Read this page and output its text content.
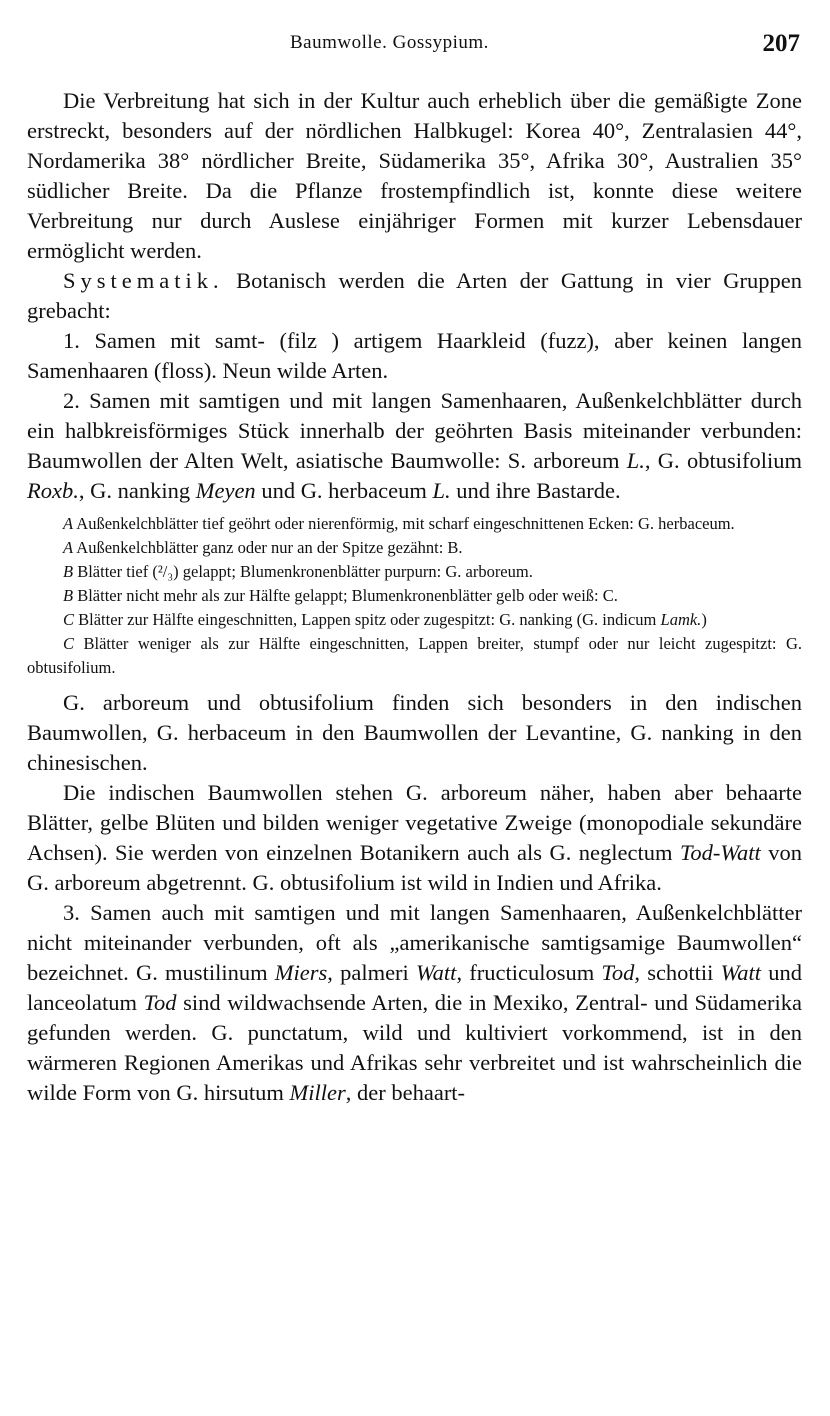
Baumwolle. Gossypium.	207

Die Verbreitung hat sich in der Kultur auch erheblich über die gemäßigte Zone erstreckt, besonders auf der nördlichen Halbkugel: Korea 40°, Zentralasien 44°, Nordamerika 38° nördlicher Breite, Südamerika 35°, Afrika 30°, Australien 35° südlicher Breite. Da die Pflanze frostempfindlich ist, konnte diese weitere Verbreitung nur durch Auslese einjähriger Formen mit kurzer Lebensdauer ermöglicht werden.

Systematik. Botanisch werden die Arten der Gattung in vier Gruppen grebacht:

1. Samen mit samt- (filz ) artigem Haarkleid (fuzz), aber keinen langen Samenhaaren (floss). Neun wilde Arten.

2. Samen mit samtigen und mit langen Samenhaaren, Außenkelchblätter durch ein halbkreisförmiges Stück innerhalb der geöhrten Basis miteinander verbunden: Baumwollen der Alten Welt, asiatische Baumwolle: S. arboreum L., G. obtusifolium Roxb., G. nanking Meyen und G. herbaceum L. und ihre Bastarde.

A Außenkelchblätter tief geöhrt oder nierenförmig, mit scharf eingeschnittenen Ecken: G. herbaceum.

A Außenkelchblätter ganz oder nur an der Spitze gezähnt: B.

B Blätter tief (²/₃) gelappt; Blumenkronenblätter purpurn: G. arboreum.

B Blätter nicht mehr als zur Hälfte gelappt; Blumenkronenblätter gelb oder weiß: C.

C Blätter zur Hälfte eingeschnitten, Lappen spitz oder zugespitzt: G. nanking (G. indicum Lamk.)

C Blätter weniger als zur Hälfte eingeschnitten, Lappen breiter, stumpf oder nur leicht zugespitzt: G. obtusifolium.

G. arboreum und obtusifolium finden sich besonders in den indischen Baumwollen, G. herbaceum in den Baumwollen der Levantine, G. nanking in den chinesischen.

Die indischen Baumwollen stehen G. arboreum näher, haben aber behaarte Blätter, gelbe Blüten und bilden weniger vegetative Zweige (monopodiale sekundäre Achsen). Sie werden von einzelnen Botanikern auch als G. neglectum Tod-Watt von G. arboreum abgetrennt. G. obtusifolium ist wild in Indien und Afrika.

3. Samen auch mit samtigen und mit langen Samenhaaren, Außenkelchblätter nicht miteinander verbunden, oft als „amerikanische samtigsamige Baumwollen“ bezeichnet. G. mustilinum Miers, palmeri Watt, fructiculosum Tod, schottii Watt und lanceolatum Tod sind wildwachsende Arten, die in Mexiko, Zentral- und Südamerika gefunden werden. G. punctatum, wild und kultiviert vorkommend, ist in den wärmeren Regionen Amerikas und Afrikas sehr verbreitet und ist wahrscheinlich die wilde Form von G. hirsutum Miller, der behaart-
